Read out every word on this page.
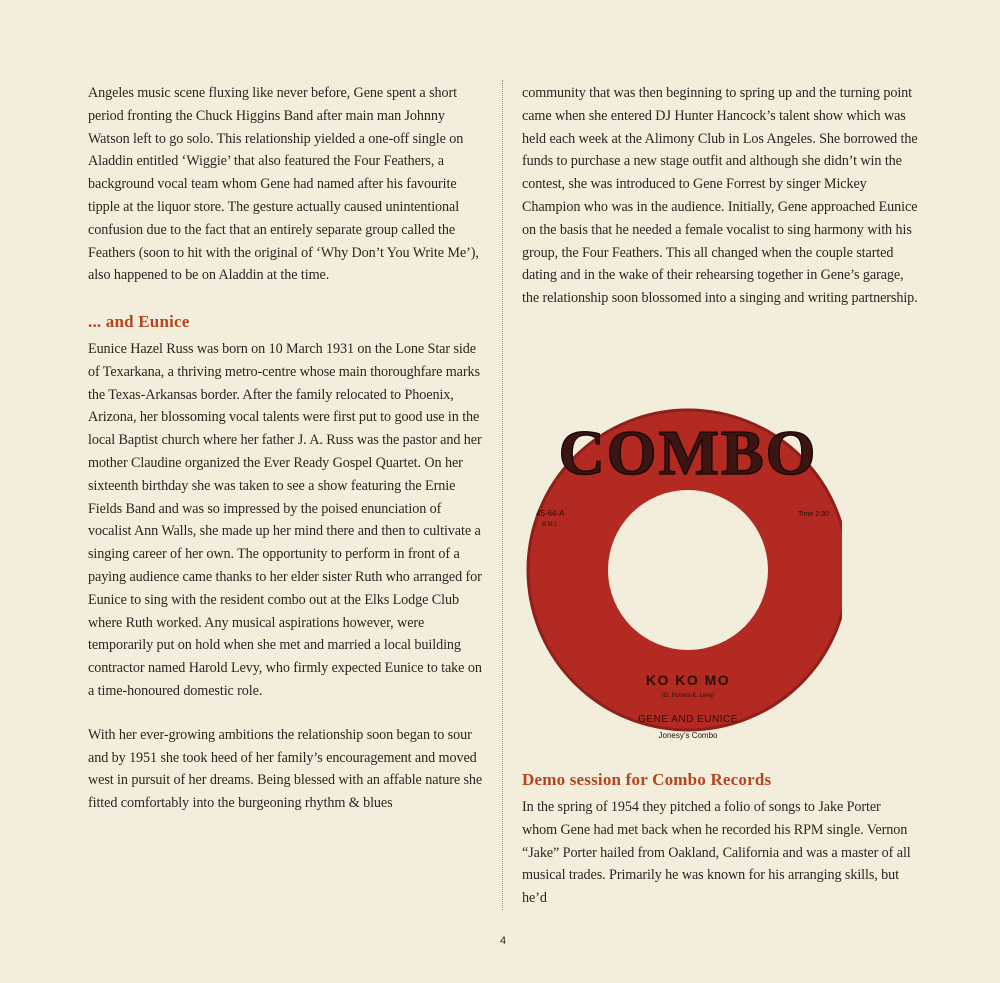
Angeles music scene fluxing like never before, Gene spent a short period fronting the Chuck Higgins Band after main man Johnny Watson left to go solo. This relationship yielded a one-off single on Aladdin entitled ‘Wiggie’ that also featured the Four Feathers, a background vocal team whom Gene had named after his favourite tipple at the liquor store. The gesture actually caused unintentional confusion due to the fact that an entirely separate group called the Feathers (soon to hit with the original of ‘Why Don’t You Write Me’), also happened to be on Aladdin at the time.

... and Eunice

Eunice Hazel Russ was born on 10 March 1931 on the Lone Star side of Texarkana, a thriving metro-centre whose main thoroughfare marks the Texas-Arkansas border. After the family relocated to Phoenix, Arizona, her blossoming vocal talents were first put to good use in the local Baptist church where her father J. A. Russ was the pastor and her mother Claudine organized the Ever Ready Gospel Quartet. On her sixteenth birthday she was taken to see a show featuring the Ernie Fields Band and was so impressed by the poised enunciation of vocalist Ann Walls, she made up her mind there and then to cultivate a singing career of her own. The opportunity to perform in front of a paying audience came thanks to her elder sister Ruth who arranged for Eunice to sing with the resident combo out at the Elks Lodge Club where Ruth worked. Any musical aspirations however, were temporarily put on hold when she met and married a local building contractor named Harold Levy, who firmly expected Eunice to take on a time-honoured domestic role.

With her ever-growing ambitions the relationship soon began to sour and by 1951 she took heed of her family’s encouragement and moved west in pursuit of her dreams. Being blessed with an affable nature she fitted comfortably into the burgeoning rhythm & blues

community that was then beginning to spring up and the turning point came when she entered DJ Hunter Hancock’s talent show which was held each week at the Alimony Club in Los Angeles. She borrowed the funds to purchase a new stage outfit and although she didn’t win the contest, she was introduced to Gene Forrest by singer Mickey Champion who was in the audience. Initially, Gene approached Eunice on the basis that he needed a female vocalist to sing harmony with his group, the Four Feathers. This all changed when the couple started dating and in the wake of their rehearsing together in Gene’s garage, the relationship soon blossomed into a singing and writing partnership.

COMBO
45-64-A
B.M.I.
Time 2:30
KO KO MO
(G. Forrest-E. Levy)
GENE AND EUNICE
Jonesy’s Combo
Demo session for Combo Records

In the spring of 1954 they pitched a folio of songs to Jake Porter whom Gene had met back when he recorded his RPM single. Vernon “Jake” Porter hailed from Oakland, California and was a master of all musical trades. Primarily he was known for his arranging skills, but he’d

4
